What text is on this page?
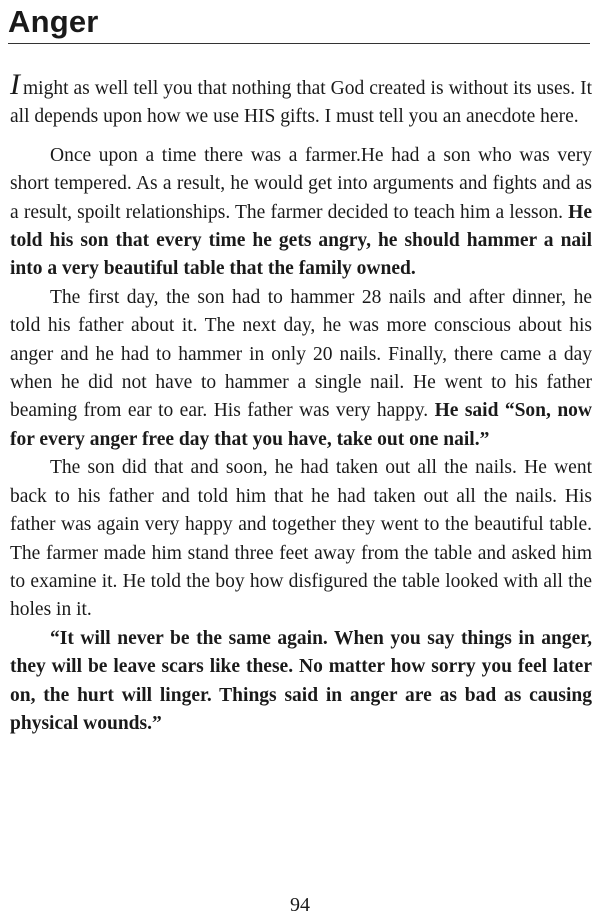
Anger

Imight as well tell you that nothing that God created is without its uses. It all depends upon how we use HIS gifts. I must tell you an anecdote here.

Once upon a time there was a farmer.He had a son who was very short tempered. As a result, he would get into arguments and fights and as a result, spoilt relationships. The farmer decided to teach him a lesson. He told his son that every time he gets angry, he should hammer a nail into a very beautiful table that the family owned.

The first day, the son had to hammer 28 nails and after dinner, he told his father about it. The next day, he was more conscious about his anger and he had to hammer in only 20 nails. Finally, there came a day when he did not have to hammer a single nail. He went to his father beaming from ear to ear. His father was very happy. He said “Son, now for every anger free day that you have, take out one nail.”

The son did that and soon, he had taken out all the nails. He went back to his father and told him that he had taken out all the nails. His father was again very happy and together they went to the beautiful table. The farmer made him stand three feet away from the table and asked him to examine it. He told the boy how disfigured the table looked with all the holes in it.

“It will never be the same again. When you say things in anger, they will be leave scars like these. No matter how sorry you feel later on, the hurt will linger. Things said in anger are as bad as causing physical wounds.”

94
